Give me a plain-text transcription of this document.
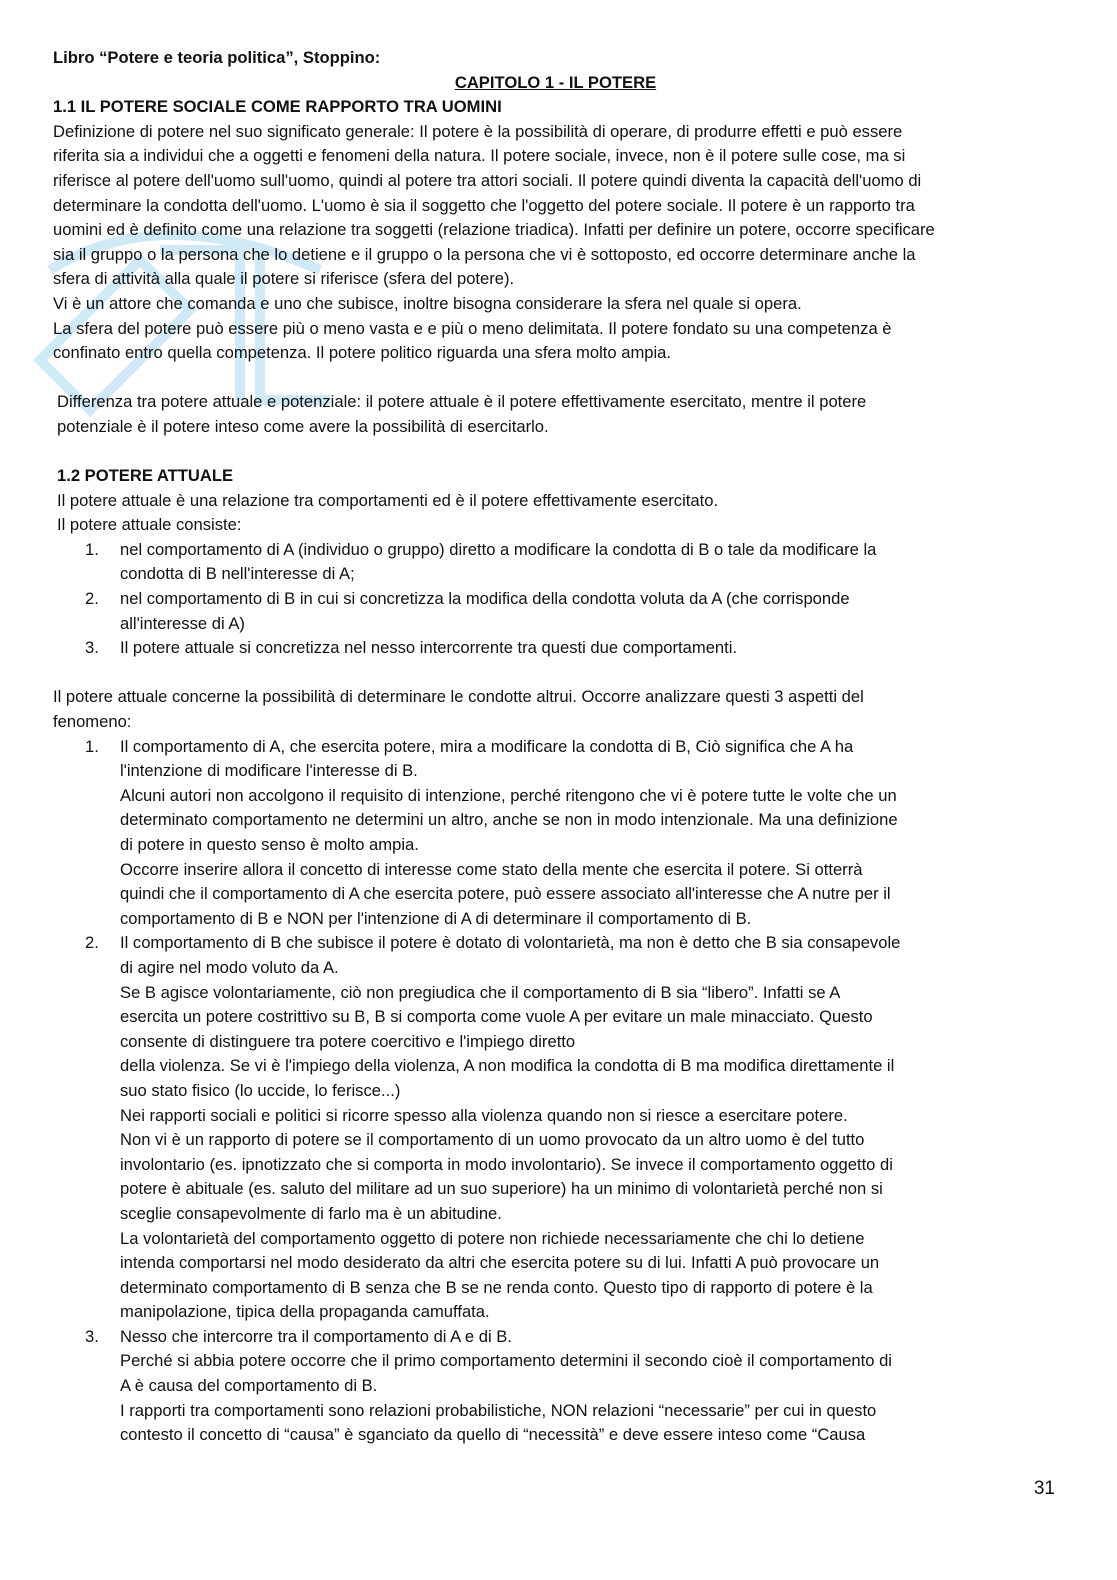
Libro “Potere e teoria politica”, Stoppino:

CAPITOLO 1 - IL POTERE

1.1 IL POTERE SOCIALE COME RAPPORTO TRA UOMINI

Definizione di potere nel suo significato generale: Il potere è la possibilità di operare, di produrre effetti e può essere

riferita sia a individui che a oggetti e fenomeni della natura. Il potere sociale, invece, non è il potere sulle cose, ma si

riferisce al potere dell'uomo sull'uomo, quindi al potere tra attori sociali. Il potere quindi diventa la capacità dell'uomo di

determinare la condotta dell'uomo. L'uomo è sia il soggetto che l'oggetto del potere sociale. Il potere è un rapporto tra

uomini ed è definito come una relazione tra soggetti (relazione triadica). Infatti per definire un potere, occorre specificare

sia il gruppo o la persona che lo detiene e il gruppo o la persona che vi è sottoposto, ed occorre determinare anche la

sfera di attività alla quale il potere si riferisce (sfera del potere).

Vi è un attore che comanda e uno che subisce, inoltre bisogna considerare la sfera nel quale si opera.

La sfera del potere può essere più o meno vasta e e più o meno delimitata. Il potere fondato su una competenza è

confinato entro quella competenza. Il potere politico riguarda una sfera molto ampia.

Differenza tra potere attuale e potenziale: il potere attuale è il potere effettivamente esercitato, mentre il potere

potenziale è il potere inteso come avere la possibilità di esercitarlo.

1.2 POTERE ATTUALE

Il potere attuale è una relazione tra comportamenti ed è il potere effettivamente esercitato.

Il potere attuale consiste:

1. nel comportamento di A (individuo o gruppo) diretto a modificare la condotta di B o tale da modificare la
condotta di B nell'interesse di A;
2. nel comportamento di B in cui si concretizza la modifica della condotta voluta da A (che corrisponde
all'interesse di A)
3. Il potere attuale si concretizza nel nesso intercorrente tra questi due comportamenti.

Il potere attuale concerne la possibilità di determinare le condotte altrui. Occorre analizzare questi 3 aspetti del

fenomeno:

1. Il comportamento di A, che esercita potere, mira a modificare la condotta di B, Ciò significa che A ha
l'intenzione di modificare l'interesse di B.
Alcuni autori non accolgono il requisito di intenzione, perché ritengono che vi è potere tutte le volte che un
determinato comportamento ne determini un altro, anche se non in modo intenzionale. Ma una definizione
di potere in questo senso è molto ampia.
Occorre inserire allora il concetto di interesse come stato della mente che esercita il potere. Si otterrà
quindi che il comportamento di A che esercita potere, può essere associato all'interesse che A nutre per il
comportamento di B e NON per l'intenzione di A di determinare il comportamento di B.
2. Il comportamento di B che subisce il potere è dotato di volontarietà, ma non è detto che B sia consapevole
di agire nel modo voluto da A.
Se B agisce volontariamente, ciò non pregiudica che il comportamento di B sia “libero”. Infatti se A
esercita un potere costrittivo su B, B si comporta come vuole A per evitare un male minacciato. Questo
consente di distinguere tra potere coercitivo e l'impiego diretto
della violenza. Se vi è l'impiego della violenza, A non modifica la condotta di B ma modifica direttamente il
suo stato fisico (lo uccide, lo ferisce...)
Nei rapporti sociali e politici si ricorre spesso alla violenza quando non si riesce a esercitare potere.
Non vi è un rapporto di potere se il comportamento di un uomo provocato da un altro uomo è del tutto
involontario (es. ipnotizzato che si comporta in modo involontario). Se invece il comportamento oggetto di
potere è abituale (es. saluto del militare ad un suo superiore) ha un minimo di volontarietà perché non si
sceglie consapevolmente di farlo ma è un abitudine.
La volontarietà del comportamento oggetto di potere non richiede necessariamente che chi lo detiene
intenda comportarsi nel modo desiderato da altri che esercita potere su di lui. Infatti A può provocare un
determinato comportamento di B senza che B se ne renda conto. Questo tipo di rapporto di potere è la
manipolazione, tipica della propaganda camuffata.
3. Nesso che intercorre tra il comportamento di A e di B.
Perché si abbia potere occorre che il primo comportamento determini il secondo cioè il comportamento di
A è causa del comportamento di B.
I rapporti tra comportamenti sono relazioni probabilistiche, NON relazioni “necessarie” per cui in questo
contesto il concetto di “causa” è sganciato da quello di “necessità” e deve essere inteso come “Causa
31
